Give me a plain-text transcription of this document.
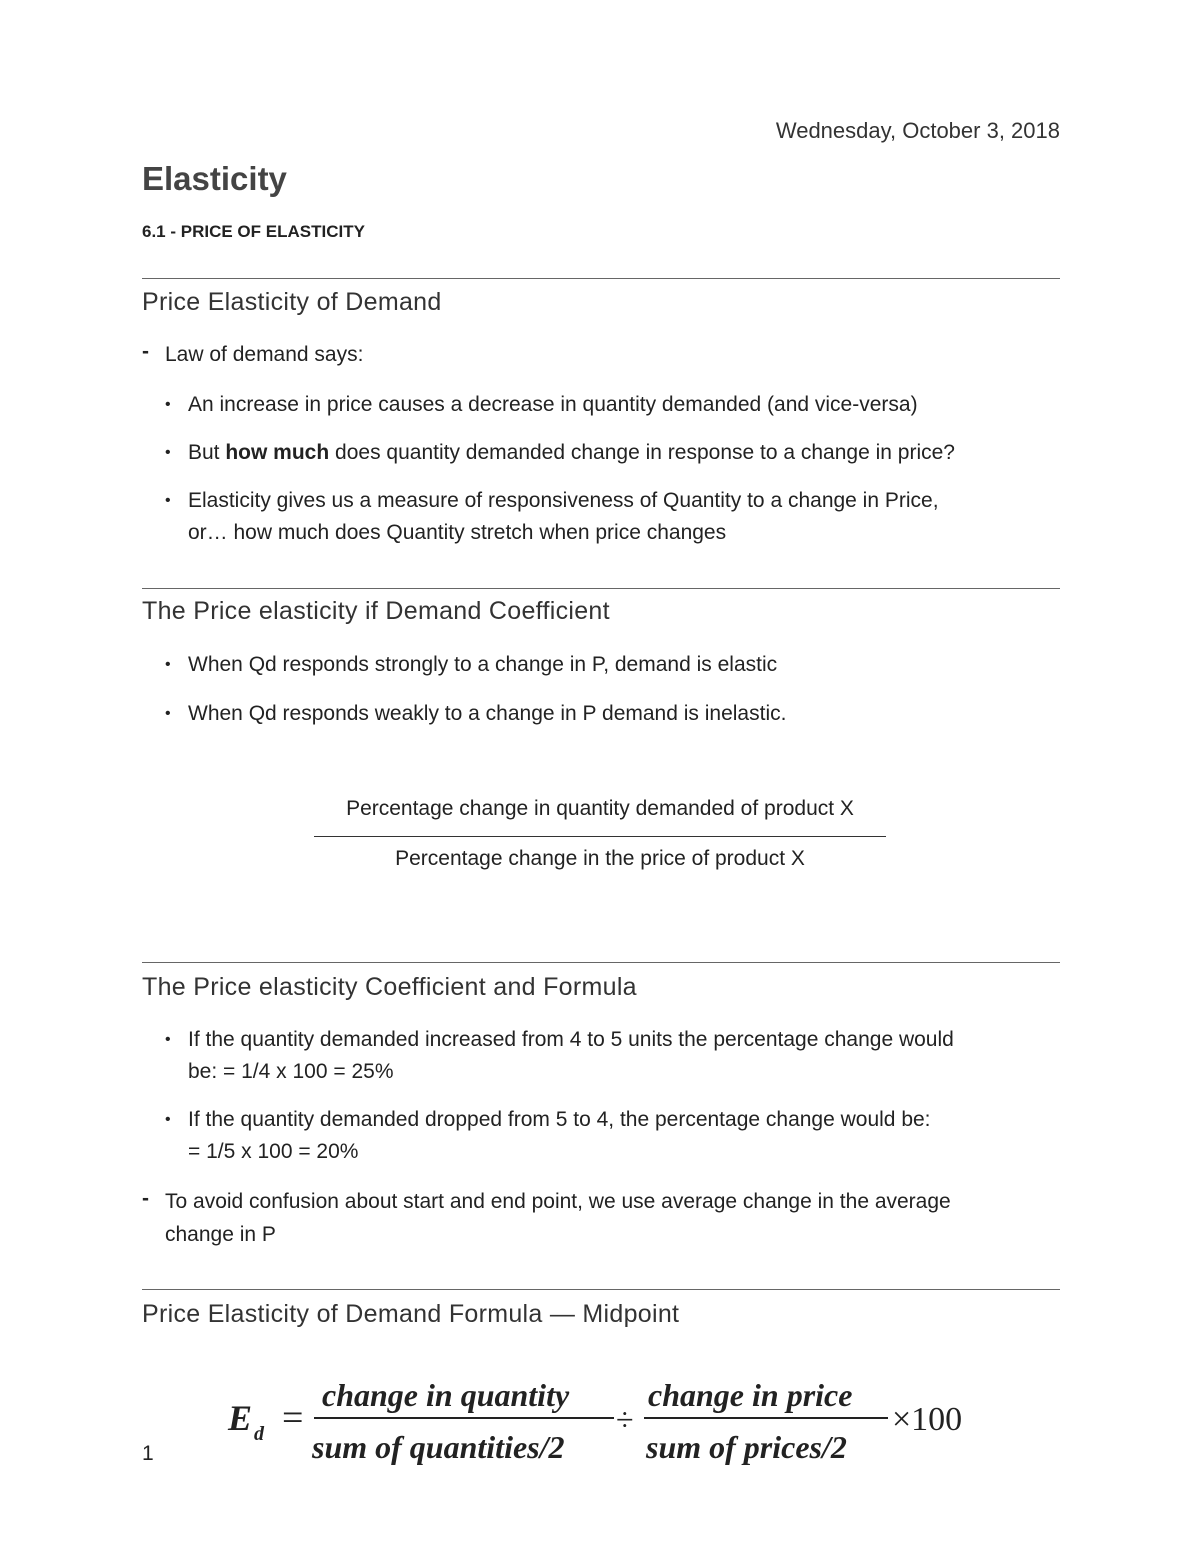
Wednesday, October 3, 2018
Elasticity
6.1 - PRICE OF ELASTICITY
Price Elasticity of Demand
- Law of demand says:
• An increase in price causes a decrease in quantity demanded (and vice-versa)
• But how much does quantity demanded change in response to a change in price?
• Elasticity gives us a measure of responsiveness of Quantity to a change in Price,
or… how much does Quantity stretch when price changes
The Price elasticity if Demand Coefficient
• When Qd responds strongly to a change in P, demand is elastic
• When Qd responds weakly to a change in P demand is inelastic.
Percentage change in quantity demanded of product X
Percentage change in the price of product X
The Price elasticity Coefficient and Formula
• If the quantity demanded increased from 4 to 5 units the percentage change would
be: = 1/4 x 100 = 25%
• If the quantity demanded dropped from 5 to 4, the percentage change would be:
= 1/5 x 100 = 20%
- To avoid confusion about start and end point, we use average change in the average
change in P
Price Elasticity of Demand Formula — Midpoint
E d =
change in quantity
sum of quantities/2
÷
change in price
sum of prices/2
×100
1
